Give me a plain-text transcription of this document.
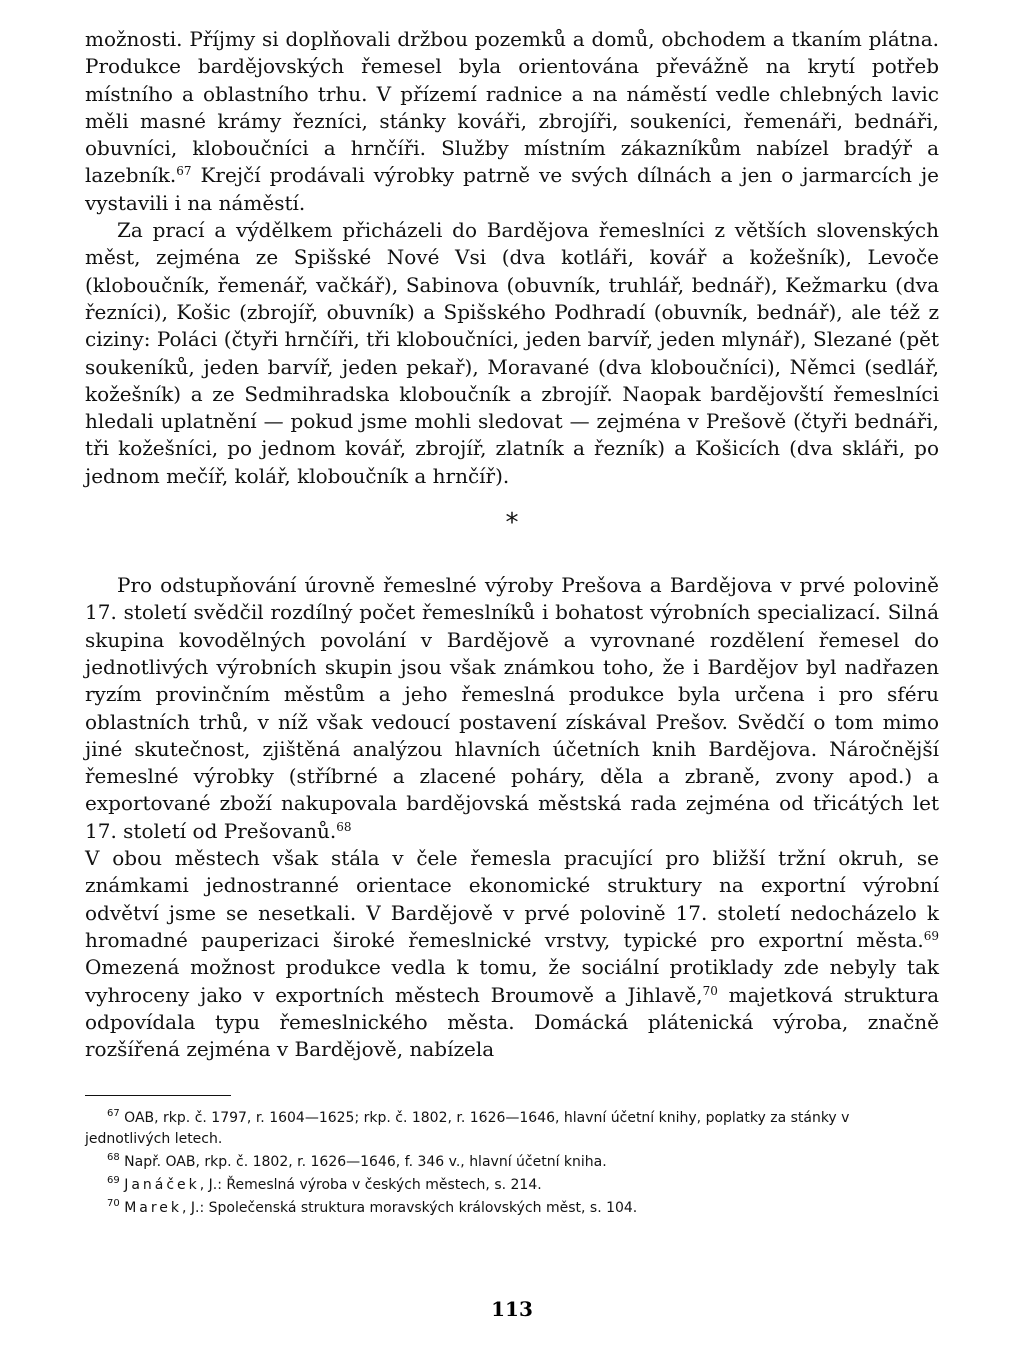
možnosti. Příjmy si doplňovali držbou pozemků a domů, obchodem a tkaním plátna. Produkce bardějovských řemesel byla orientována převážně na krytí potřeb místního a oblastního trhu. V přízemí radnice a na náměstí vedle chlebných lavic měli masné krámy řezníci, stánky kováři, zbrojíři, soukeníci, řemenáři, bednáři, obuvníci, kloboučníci a hrnčíři. Služby místním zákazníkům nabízel bradýř a lazebník.$^{67}$ Krejčí prodávali výrobky patrně ve svých dílnách a jen o jarmarcích je vystavili i na náměstí.

Za prací a výdělkem přicházeli do Bardějova řemeslníci z větších slovenských měst, zejména ze Spišské Nové Vsi (dva kotláři, kovář a kožešník), Levoče (kloboučník, řemenář, vačkář), Sabinova (obuvník, truhlář, bednář), Kežmarku (dva řezníci), Košic (zbrojíř, obuvník) a Spišského Podhradí (obuvník, bednář), ale též z ciziny: Poláci (čtyři hrnčíři, tři kloboučníci, jeden barvíř, jeden mlynář), Slezané (pět soukeníků, jeden barvíř, jeden pekař), Moravané (dva kloboučníci), Němci (sedlář, kožešník) a ze Sedmihradska kloboučník a zbrojíř. Naopak bardějovští řemeslníci hledali uplatnění — pokud jsme mohli sledovat — zejména v Prešově (čtyři bednáři, tři kožešníci, po jednom kovář, zbrojíř, zlatník a řezník) a Košicích (dva skláři, po jednom mečíř, kolář, kloboučník a hrnčíř).

*

Pro odstupňování úrovně řemeslné výroby Prešova a Bardějova v prvé polovině 17. století svědčil rozdílný počet řemeslníků i bohatost výrobních specializací. Silná skupina kovodělných povolání v Bardějově a vyrovnané rozdělení řemesel do jednotlivých výrobních skupin jsou však známkou toho, že i Bardějov byl nadřazen ryzím provinčním městům a jeho řemeslná produkce byla určena i pro sféru oblastních trhů, v níž však vedoucí postavení získával Prešov. Svědčí o tom mimo jiné skutečnost, zjištěná analýzou hlavních účetních knih Bardějova. Náročnější řemeslné výrobky (stříbrné a zlacené poháry, děla a zbraně, zvony apod.) a exportované zboží nakupovala bardějovská městská rada zejména od třicátých let 17. století od Prešovanů.$^{68}$

V obou městech však stála v čele řemesla pracující pro bližší tržní okruh, se známkami jednostranné orientace ekonomické struktury na exportní výrobní odvětví jsme se nesetkali. V Bardějově v prvé polovině 17. století nedocházelo k hromadné pauperizaci široké řemeslnické vrstvy, typické pro exportní města.$^{69}$ Omezená možnost produkce vedla k tomu, že sociální protiklady zde nebyly tak vyhroceny jako v exportních městech Broumově a Jihlavě,$^{70}$ majetková struktura odpovídala typu řemeslnického města. Domácká plátenická výroba, značně rozšířená zejména v Bardějově, nabízela

$^{67}$ OAB, rkp. č. 1797, r. 1604—1625; rkp. č. 1802, r. 1626—1646, hlavní účetní knihy, poplatky za stánky v jednotlivých letech.

$^{68}$ Např. OAB, rkp. č. 1802, r. 1626—1646, f. 346 v., hlavní účetní kniha.

$^{69}$ Janáček, J.: Řemeslná výroba v českých městech, s. 214.

$^{70}$ Marek, J.: Společenská struktura moravských královských měst, s. 104.

113
